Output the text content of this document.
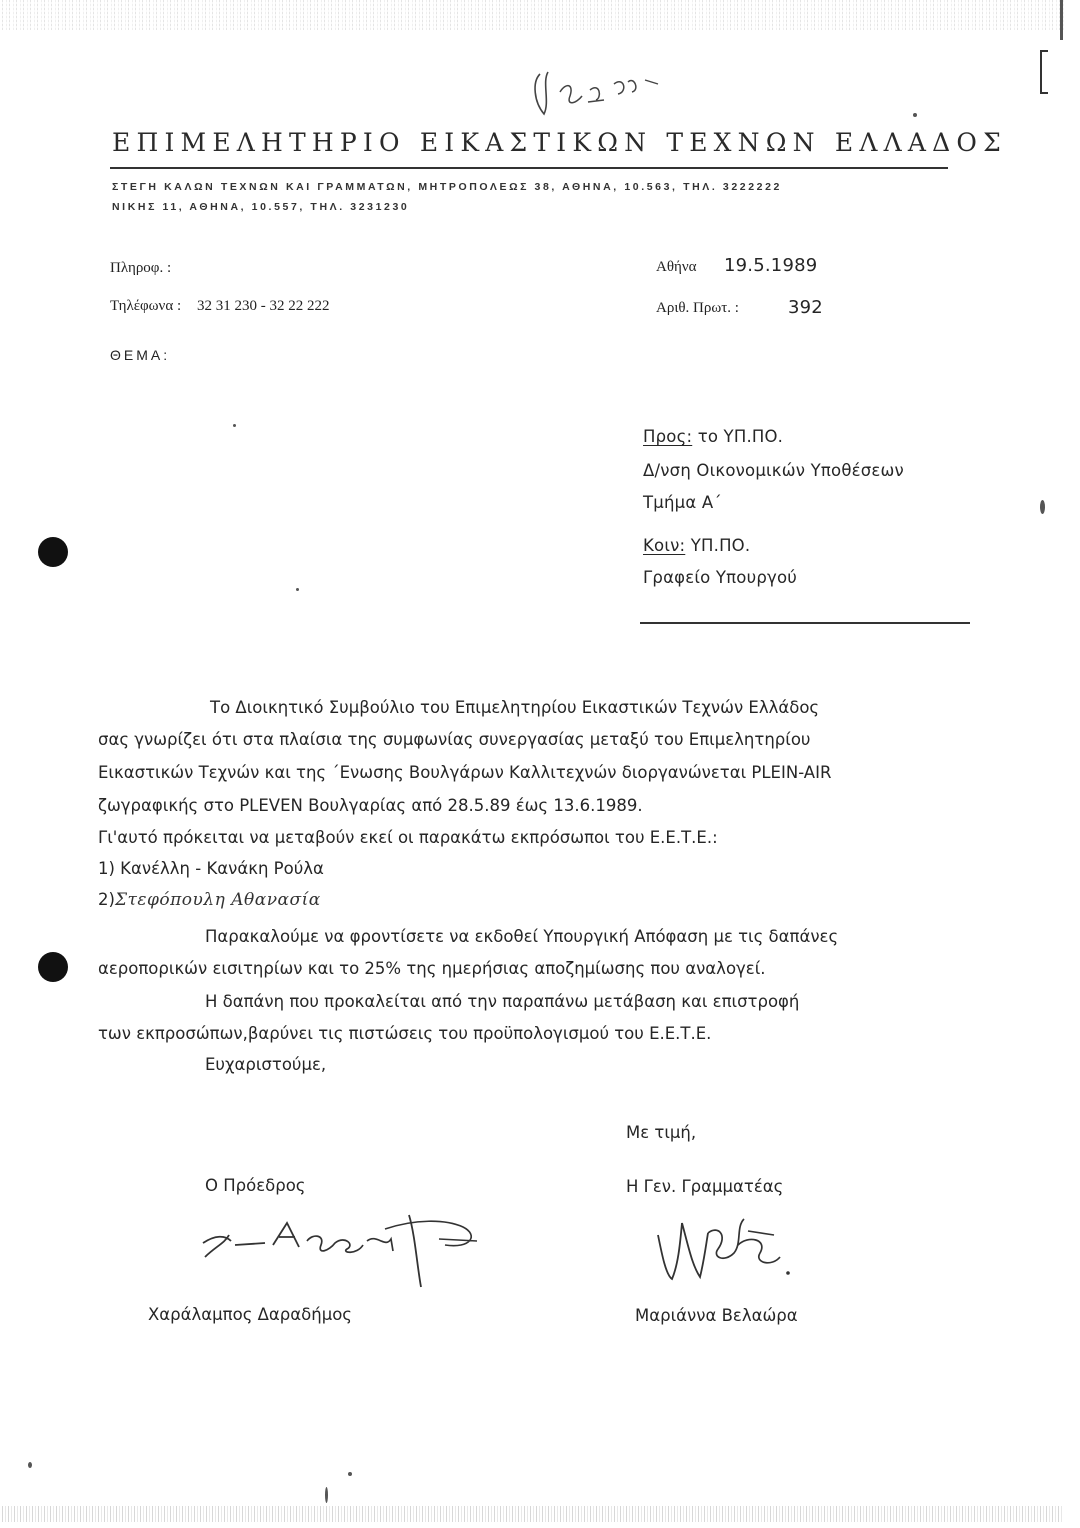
ΕΠΙΜΕΛΗΤΗΡΙΟ ΕΙΚΑΣΤΙΚΩΝ ΤΕΧΝΩΝ ΕΛΛΑΔΟΣ
ΣΤΕΓΗ ΚΑΛΩΝ ΤΕΧΝΩΝ ΚΑΙ ΓΡΑΜΜΑΤΩΝ, ΜΗΤΡΟΠΟΛΕΩΣ 38, ΑΘΗΝΑ, 10.563, ΤΗΛ. 3222222
ΝΙΚΗΣ 11, ΑΘΗΝΑ, 10.557, ΤΗΛ. 3231230
Πληροφ. :
Τηλέφωνα : 32 31 230 - 32 22 222
ΘΕΜΑ:
Αθήνα 19.5.1989
Αριθ. Πρωτ. :	392
Προς: το ΥΠ.ΠΟ.
Δ/νση Οικονομικών Υποθέσεων
Τμήμα Α΄
Κοιν: ΥΠ.ΠΟ.
Γραφείο Υπουργού
Το Διοικητικό Συμβούλιο του Επιμελητηρίου Εικαστικών Τεχνών Ελλάδος
σας γνωρίζει ότι στα πλαίσια της συμφωνίας συνεργασίας μεταξύ του Επιμελητηρίου
Εικαστικών Τεχνών και της ΄Ενωσης Βουλγάρων Καλλιτεχνών διοργανώνεται PLEIN-AIR
ζωγραφικής στο PLEVEN Βουλγαρίας από 28.5.89 έως 13.6.1989.
Γι'αυτό πρόκειται να μεταβούν εκεί οι παρακάτω εκπρόσωποι του Ε.Ε.Τ.Ε.:
1) Κανέλλη - Κανάκη Ρούλα
2)Στεφόπουλη Αθανασία
Παρακαλούμε να φροντίσετε να εκδοθεί Υπουργική Απόφαση με τις δαπάνες
αεροπορικών εισιτηρίων και το 25% της ημερήσιας αποζημίωσης που αναλογεί.
Η δαπάνη που προκαλείται από την παραπάνω μετάβαση και επιστροφή
των εκπροσώπων,βαρύνει τις πιστώσεις του προϋπολογισμού του Ε.Ε.Τ.Ε.
Ευχαριστούμε,
Με τιμή,
Ο Πρόεδρος	Η Γεν. Γραμματέας
Χαράλαμπος Δαραδήμος	Μαριάννα Βελαώρα
